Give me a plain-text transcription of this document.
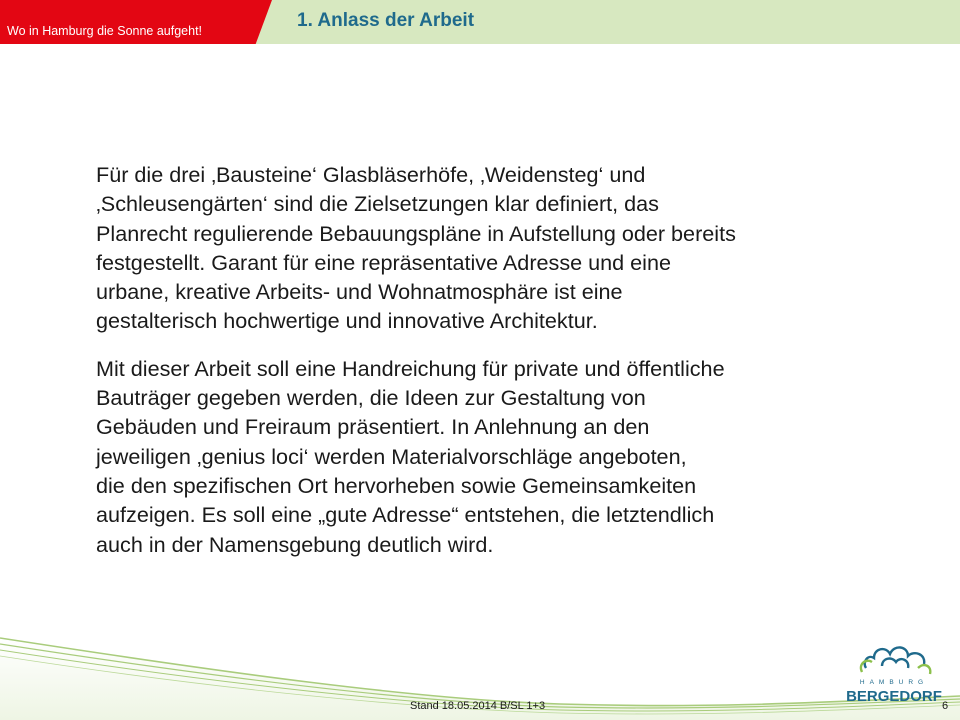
Wo in Hamburg die Sonne aufgeht!	1. Anlass der Arbeit

Für die drei ‚Bausteine‘ Glasbläserhöfe, ‚Weidensteg‘ und
‚Schleusengärten‘ sind die Zielsetzungen klar definiert, das
Planrecht regulierende Bebauungspläne in Aufstellung oder bereits
festgestellt. Garant für eine repräsentative Adresse und eine
urbane, kreative Arbeits- und Wohnatmosphäre ist eine
gestalterisch hochwertige und innovative Architektur.

Mit dieser Arbeit soll eine Handreichung für private und öffentliche
Bauträger gegeben werden, die Ideen zur Gestaltung von
Gebäuden und Freiraum präsentiert. In Anlehnung an den
jeweiligen ‚genius loci‘ werden Materialvorschläge angeboten,
die den spezifischen Ort hervorheben sowie Gemeinsamkeiten
aufzeigen. Es soll eine „gute Adresse“ entstehen, die letztendlich
auch in der Namensgebung deutlich wird.

HAMBURG
BERGEDORF
Stand 18.05.2014 B/SL 1+3	6
